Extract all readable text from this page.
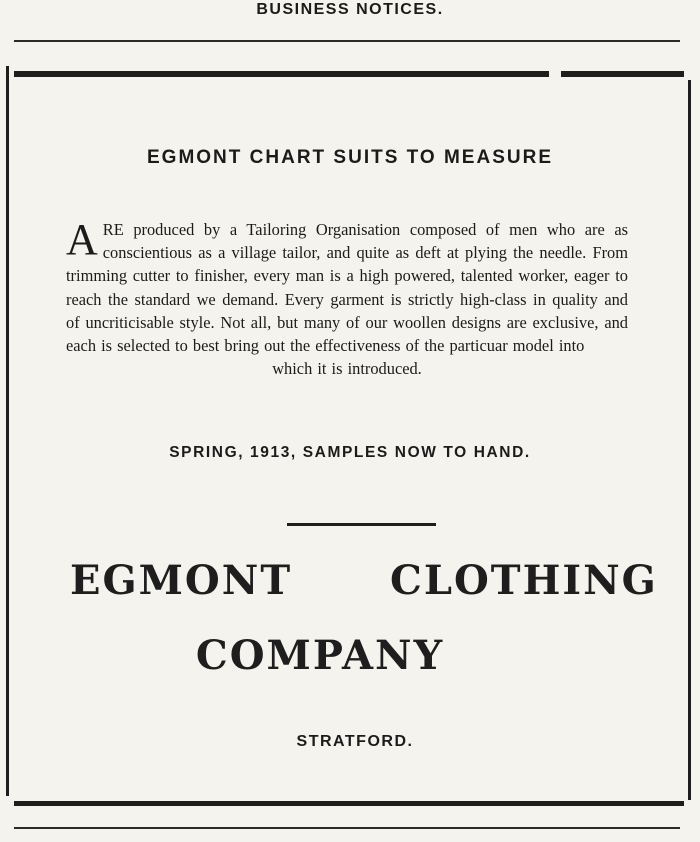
BUSINESS NOTICES.
EGMONT CHART SUITS TO MEASURE
A RE produced by a Tailoring Organisation composed of men who are as conscientious as a village tailor, and quite as deft at plying the needle. From trimming cutter to finisher, every man is a high powered, talented worker, eager to reach the standard we demand. Every garment is strictly high-class in quality and of uncriticisable style. Not all, but many of our woollen designs are exclusive, and each is selected to best bring out the effectiveness of the particuar model into
which it is introduced.
SPRING, 1913, SAMPLES NOW TO HAND.
EGMONT CLOTHING
COMPANY
STRATFORD.
